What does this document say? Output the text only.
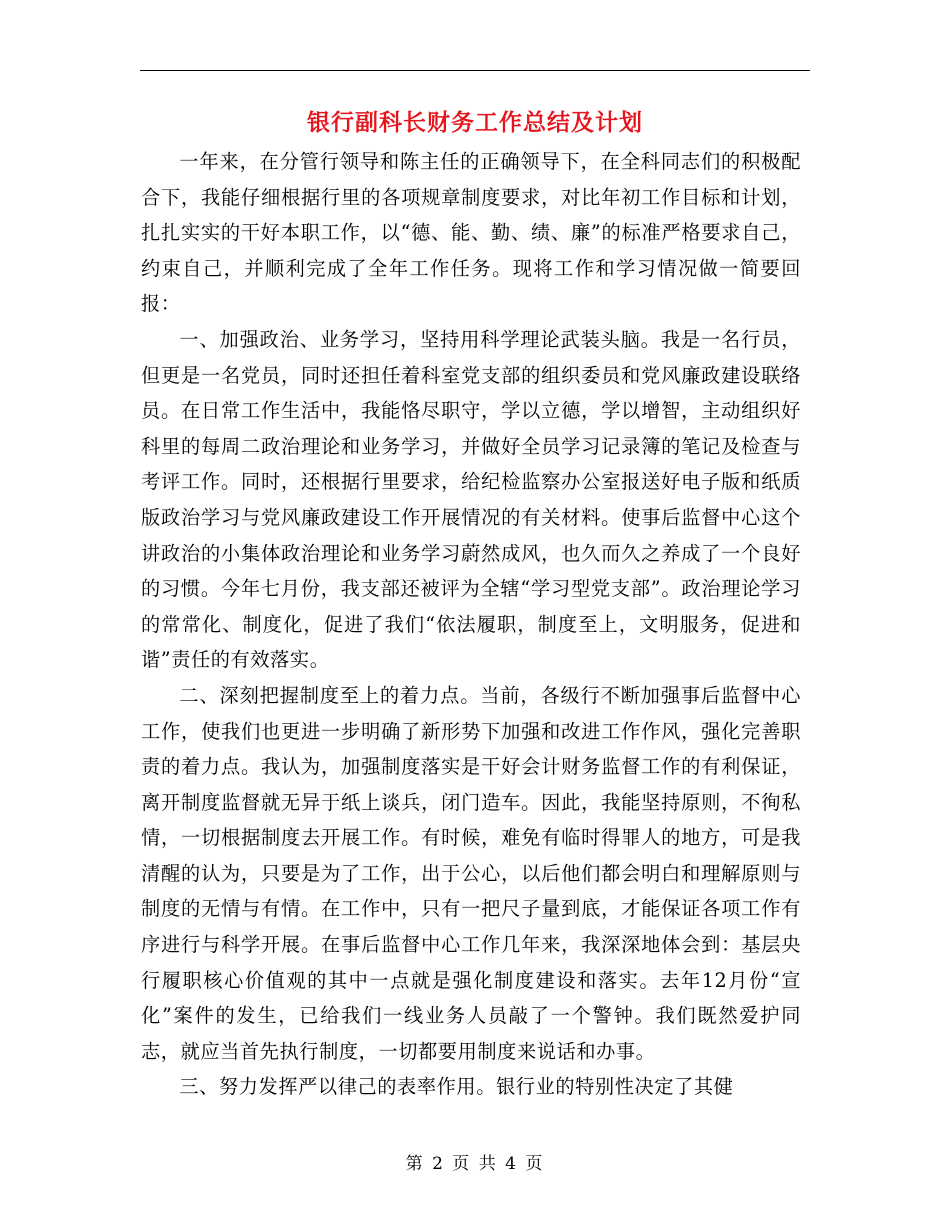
银行副科长财务工作总结及计划

一年来，在分管行领导和陈主任的正确领导下，在全科同志们的积极配合下，我能仔细根据行里的各项规章制度要求，对比年初工作目标和计划，扎扎实实的干好本职工作，以“德、能、勤、绩、廉”的标准严格要求自己，约束自己，并顺利完成了全年工作任务。现将工作和学习情况做一简要回报：

一、加强政治、业务学习，坚持用科学理论武装头脑。我是一名行员，但更是一名党员，同时还担任着科室党支部的组织委员和党风廉政建设联络员。在日常工作生活中，我能恪尽职守，学以立德，学以增智，主动组织好科里的每周二政治理论和业务学习，并做好全员学习记录簿的笔记及检查与考评工作。同时，还根据行里要求，给纪检监察办公室报送好电子版和纸质版政治学习与党风廉政建设工作开展情况的有关材料。使事后监督中心这个讲政治的小集体政治理论和业务学习蔚然成风，也久而久之养成了一个良好的习惯。今年七月份，我支部还被评为全辖“学习型党支部”。政治理论学习的常常化、制度化，促进了我们“依法履职，制度至上，文明服务，促进和谐”责任的有效落实。

二、深刻把握制度至上的着力点。当前，各级行不断加强事后监督中心工作，使我们也更进一步明确了新形势下加强和改进工作作风，强化完善职责的着力点。我认为，加强制度落实是干好会计财务监督工作的有利保证，离开制度监督就无异于纸上谈兵，闭门造车。因此，我能坚持原则，不徇私情，一切根据制度去开展工作。有时候，难免有临时得罪人的地方，可是我清醒的认为，只要是为了工作，出于公心，以后他们都会明白和理解原则与制度的无情与有情。在工作中，只有一把尺子量到底，才能保证各项工作有序进行与科学开展。在事后监督中心工作几年来，我深深地体会到：基层央行履职核心价值观的其中一点就是强化制度建设和落实。去年12月份“宣化”案件的发生，已给我们一线业务人员敲了一个警钟。我们既然爱护同志，就应当首先执行制度，一切都要用制度来说话和办事。

三、努力发挥严以律己的表率作用。银行业的特别性决定了其健

第 2 页 共 4 页
